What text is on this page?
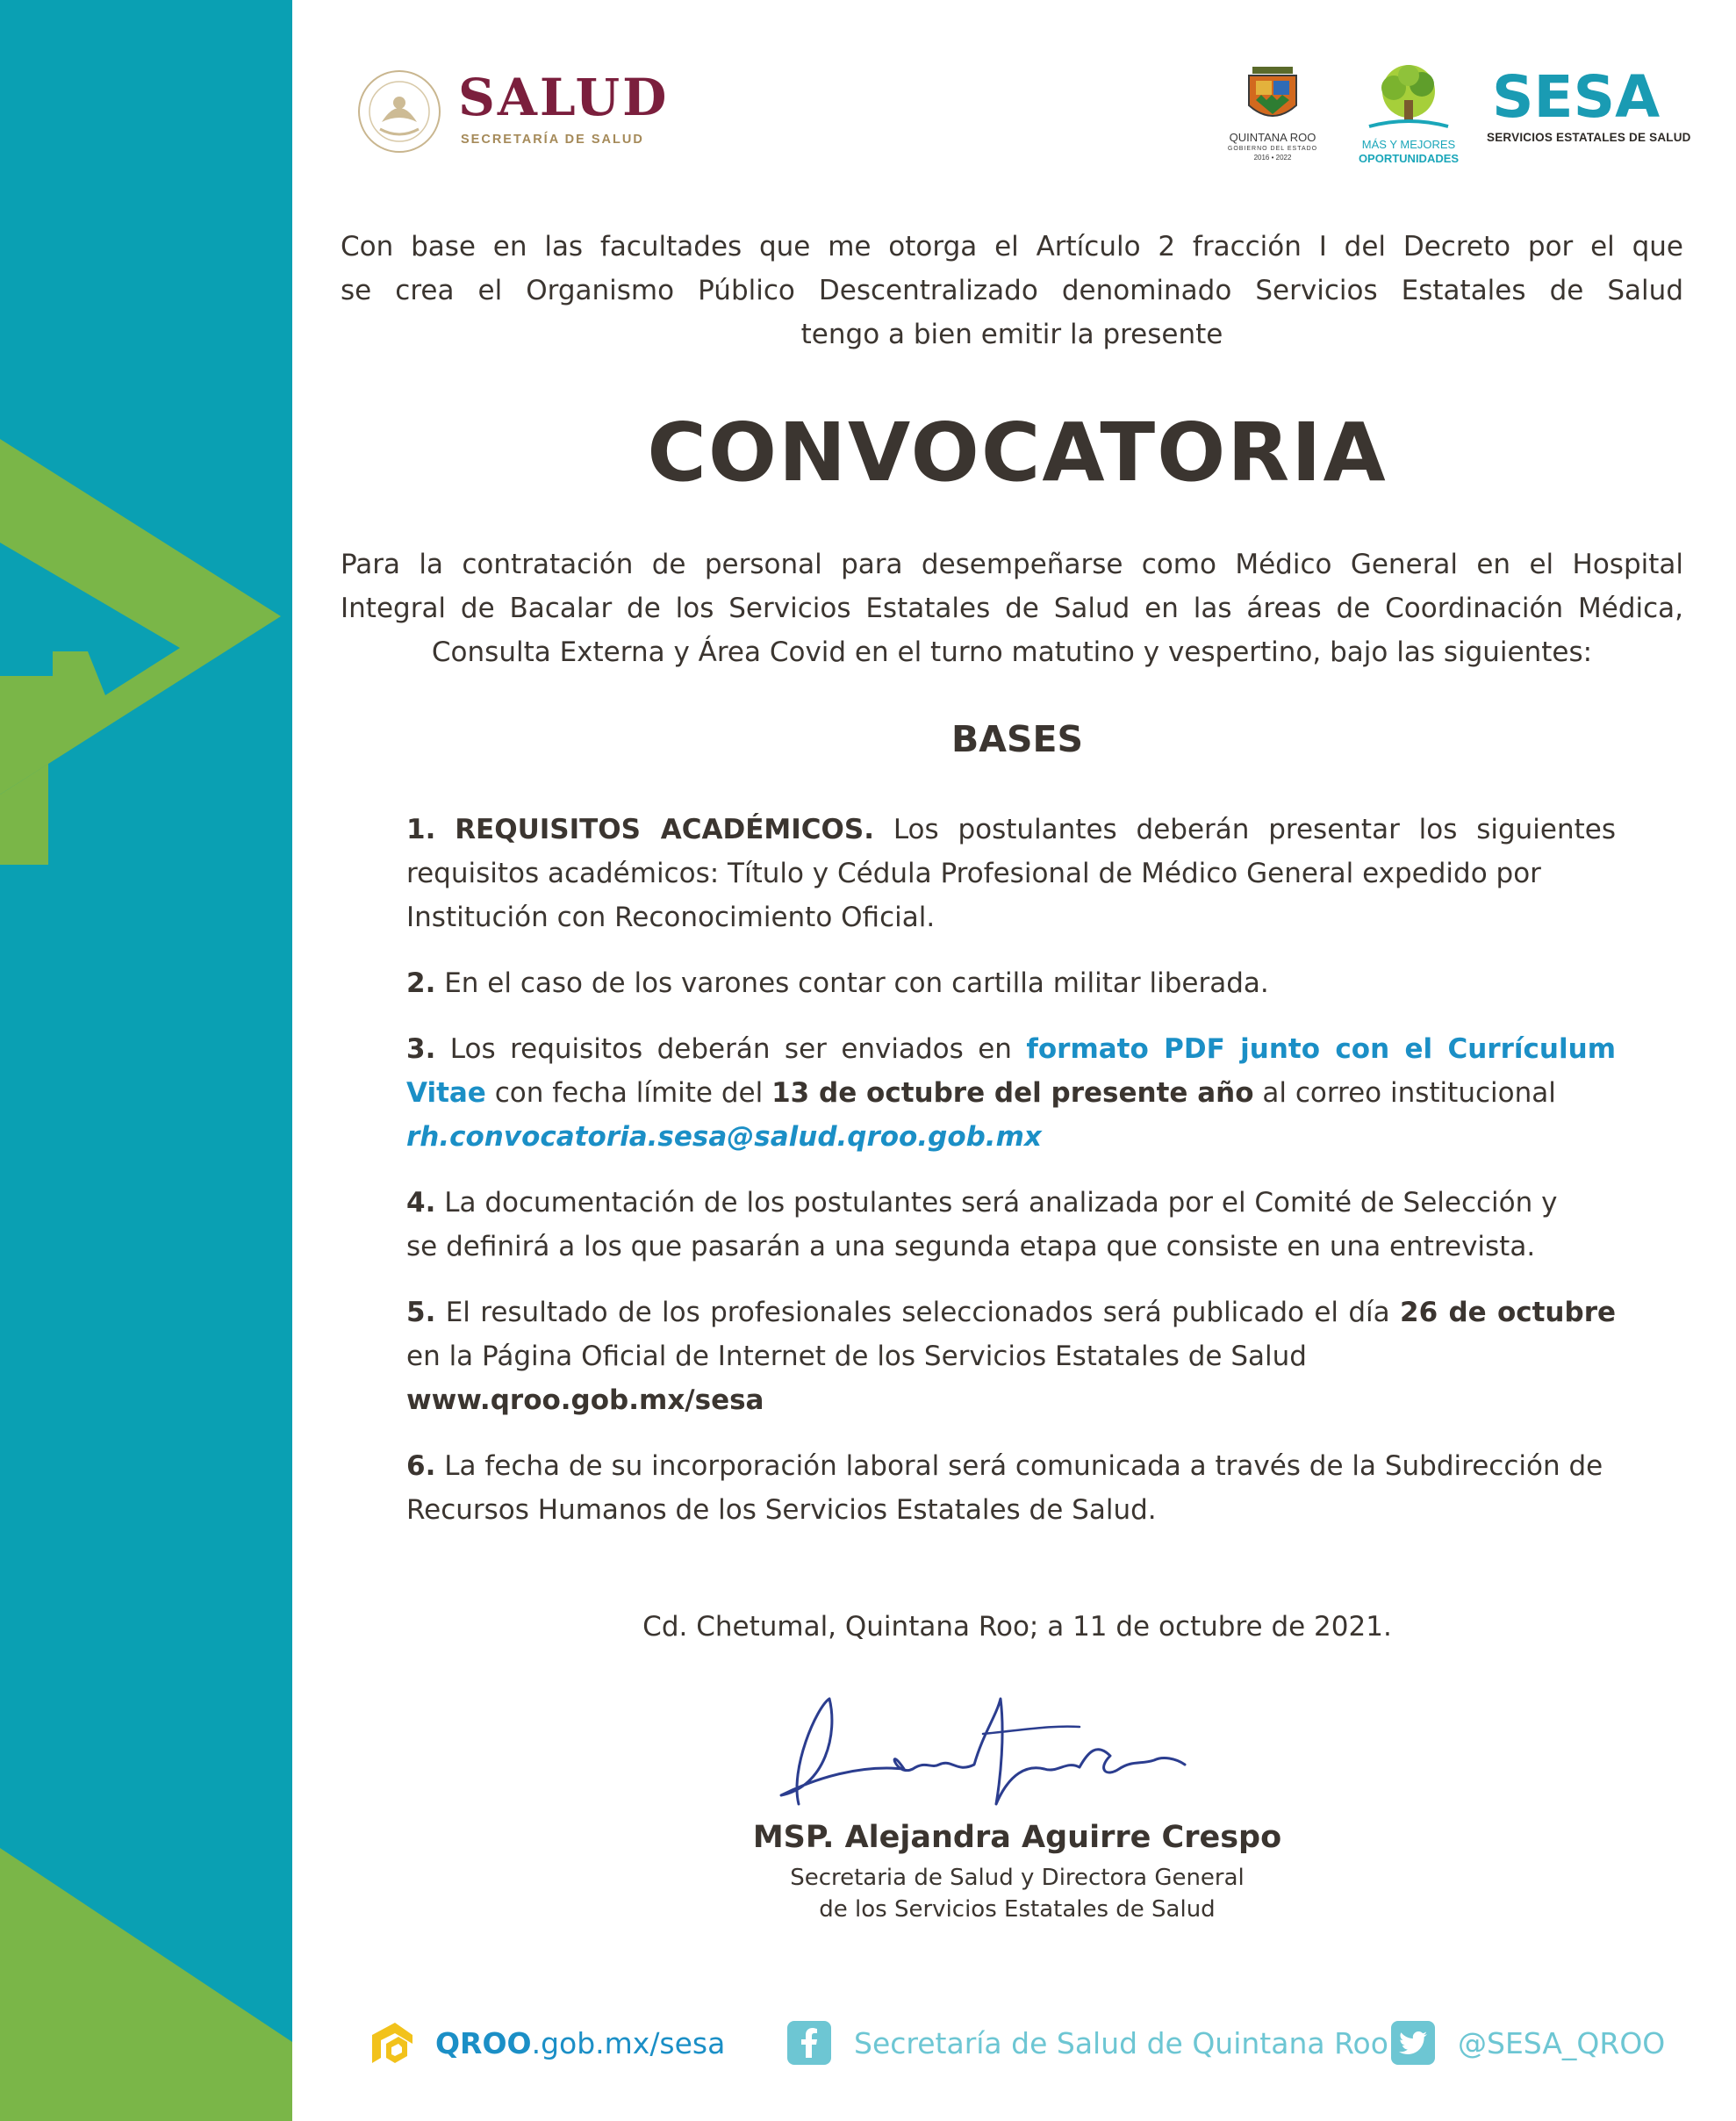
SALUD
SECRETARÍA DE SALUD	QUINTANA ROO
GOBIERNO DEL ESTADO
2016 • 2022
MÁS Y MEJORES
OPORTUNIDADES
SESA
SERVICIOS ESTATALES DE SALUD
Con base en las facultades que me otorga el Artículo 2 fracción I del Decreto por el que
se crea el Organismo Público Descentralizado denominado Servicios Estatales de Salud
tengo a bien emitir la presente
CONVOCATORIA
Para la contratación de personal para desempeñarse como Médico General en el Hospital
Integral de Bacalar de los Servicios Estatales de Salud en las áreas de Coordinación Médica,
Consulta Externa y Área Covid en el turno matutino y vespertino, bajo las siguientes:
BASES
1. REQUISITOS ACADÉMICOS. Los postulantes deberán presentar los siguientes requisitos académicos: Título y Cédula Profesional de Médico General expedido por
Institución con Reconocimiento Oficial.
2. En el caso de los varones contar con cartilla militar liberada.
3. Los requisitos deberán ser enviados en formato PDF junto con el Currículum Vitae con fecha límite del 13 de octubre del presente año al correo institucional
rh.convocatoria.sesa@salud.qroo.gob.mx
4. La documentación de los postulantes será analizada por el Comité de Selección y
se definirá a los que pasarán a una segunda etapa que consiste en una entrevista.
5. El resultado de los profesionales seleccionados será publicado el día 26 de octubre en la Página Oficial de Internet de los Servicios Estatales de Salud
www.qroo.gob.mx/sesa
6. La fecha de su incorporación laboral será comunicada a través de la Subdirección de
Recursos Humanos de los Servicios Estatales de Salud.
Cd. Chetumal, Quintana Roo; a 11 de octubre de 2021.
MSP. Alejandra Aguirre Crespo
Secretaria de Salud y Directora General
de los Servicios Estatales de Salud
QROO .gob.mx/sesa	Secretaría de Salud de Quintana Roo @SESA_QROO
